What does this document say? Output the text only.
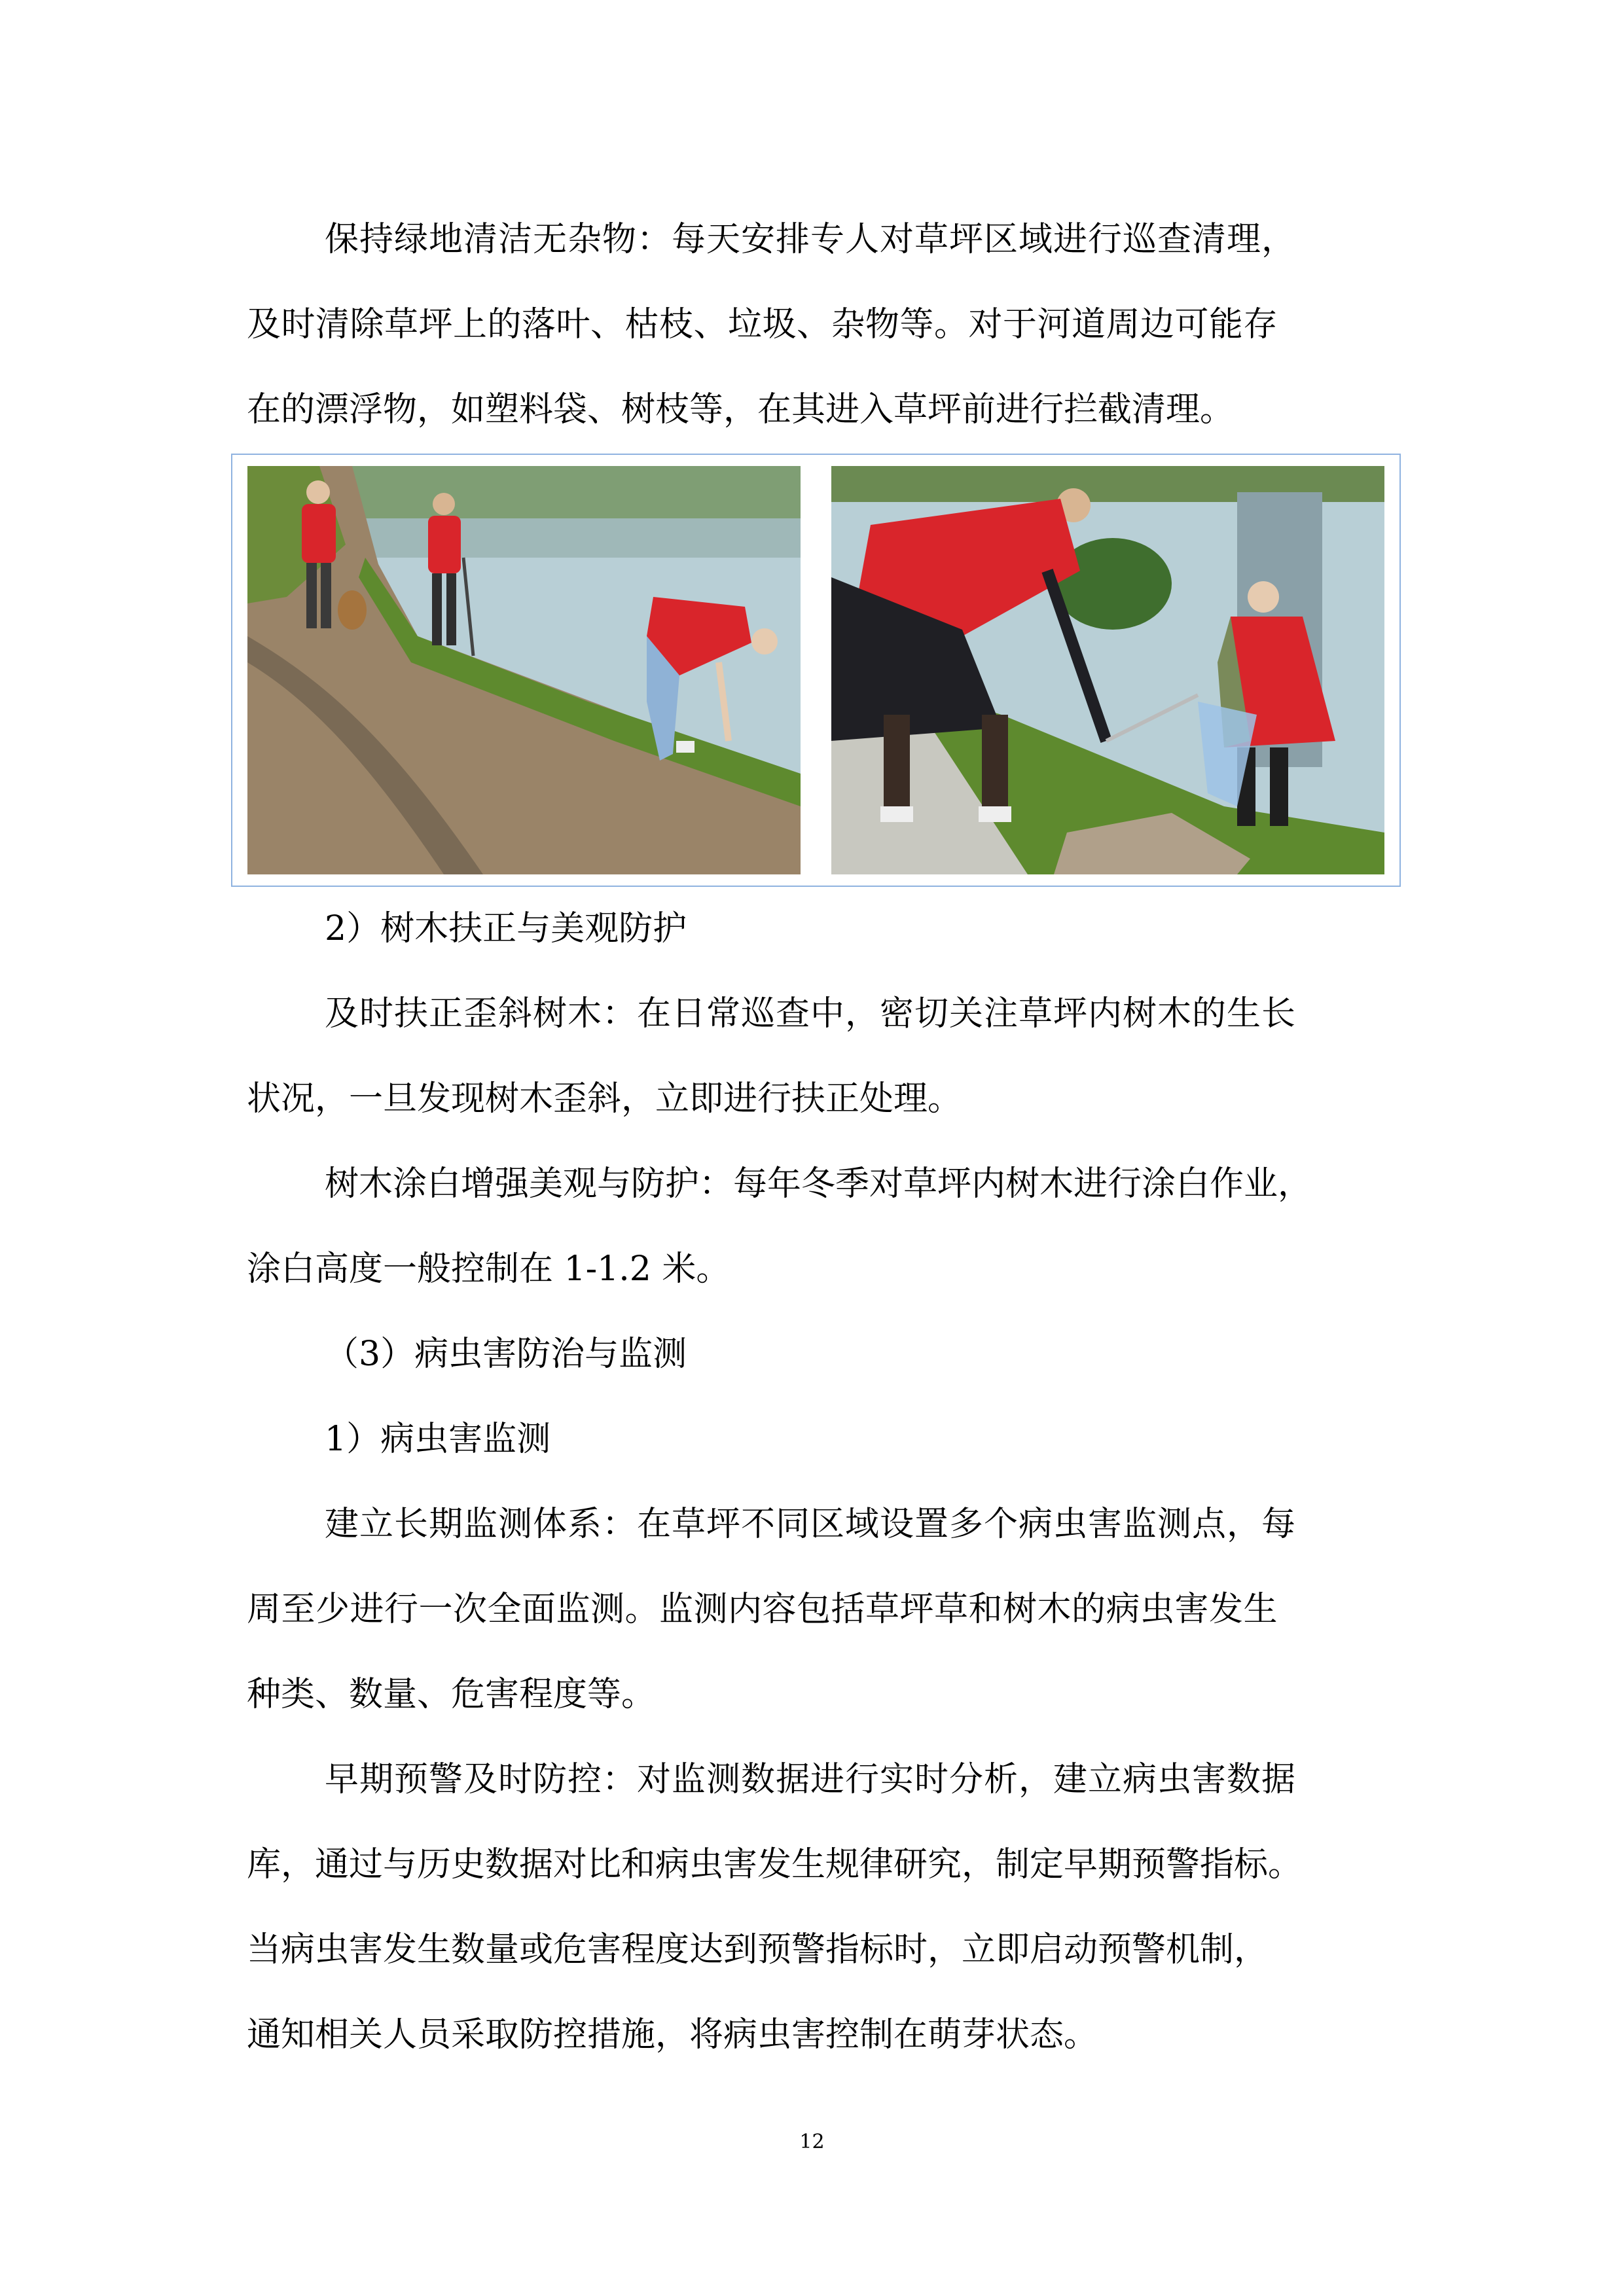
保持绿地清洁无杂物：每天安排专人对草坪区域进行巡查清理，
及时清除草坪上的落叶、枯枝、垃圾、杂物等。对于河道周边可能存
在的漂浮物，如塑料袋、树枝等，在其进入草坪前进行拦截清理。
2）树木扶正与美观防护
及时扶正歪斜树木：在日常巡查中，密切关注草坪内树木的生长
状况，一旦发现树木歪斜，立即进行扶正处理。
树木涂白增强美观与防护：每年冬季对草坪内树木进行涂白作业，
涂白高度一般控制在 1-1.2 米。
（3）病虫害防治与监测
1）病虫害监测
建立长期监测体系：在草坪不同区域设置多个病虫害监测点，每
周至少进行一次全面监测。监测内容包括草坪草和树木的病虫害发生
种类、数量、危害程度等。
早期预警及时防控：对监测数据进行实时分析，建立病虫害数据
库，通过与历史数据对比和病虫害发生规律研究，制定早期预警指标。
当病虫害发生数量或危害程度达到预警指标时，立即启动预警机制，
通知相关人员采取防控措施，将病虫害控制在萌芽状态。
12
